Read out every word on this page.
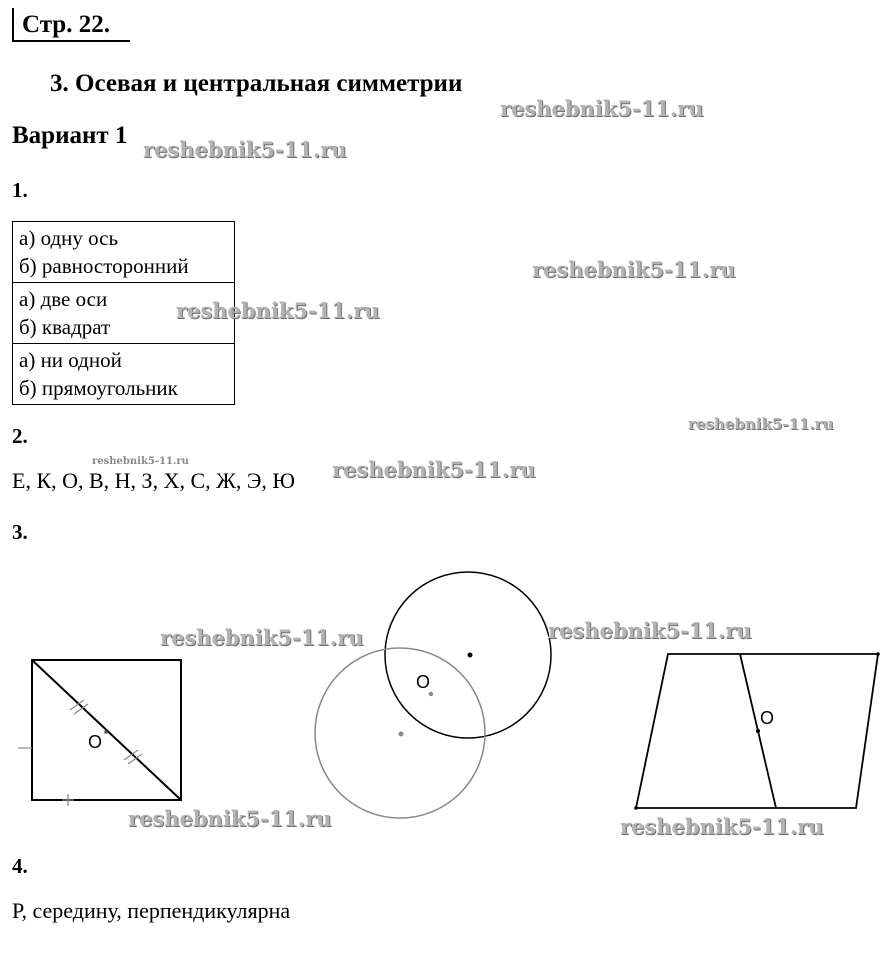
Стр. 22.
3. Осевая и центральная симметрии
Вариант 1
1.
а) одну ось
б) равносторонний

а) две оси
б) квадрат

а) ни одной
б) прямоугольник
2.
Е, К, О, В, Н, З, Х, С, Ж, Э, Ю
3.
O
O
O
4.
Р, середину, перпендикулярна
reshebnik5-11.ru
reshebnik5-11.ru
reshebnik5-11.ru
reshebnik5-11.ru
reshebnik5-11.ru
reshebnik5-11.ru	reshebnik5-11.ru
reshebnik5-11.ru	reshebnik5-11.ru
reshebnik5-11.ru	reshebnik5-11.ru
